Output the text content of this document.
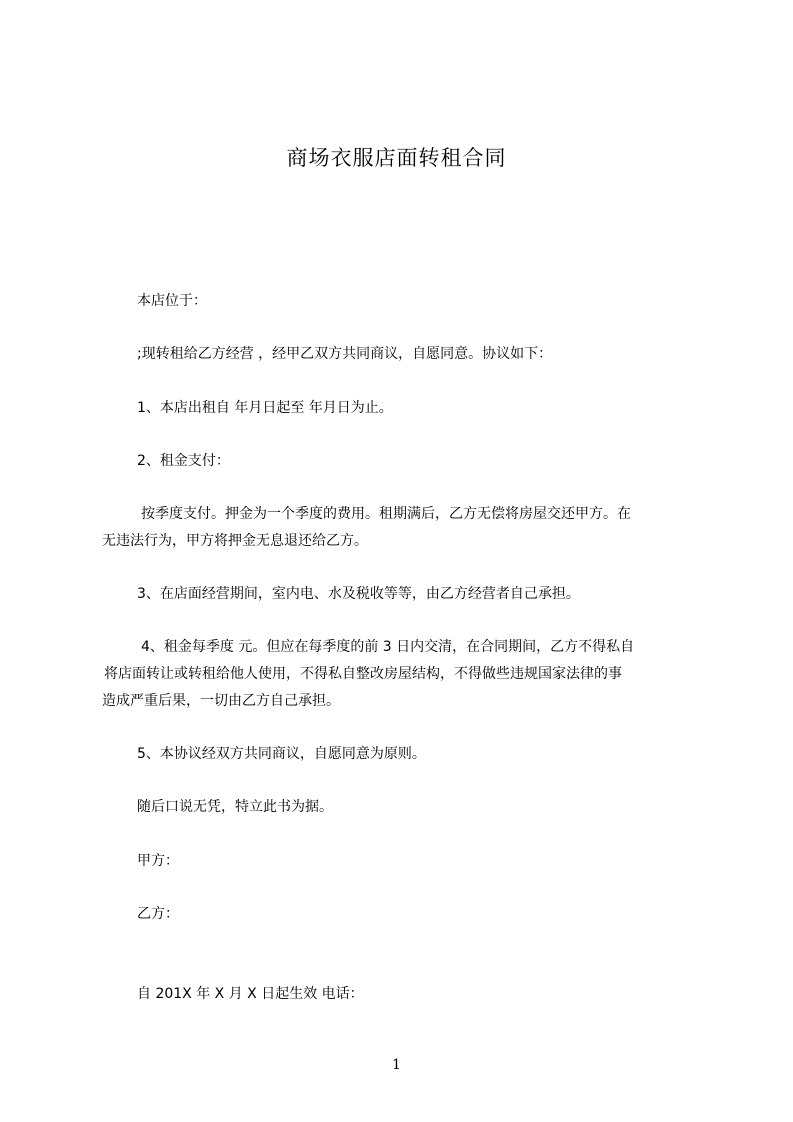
商场衣服店面转租合同
本店位于：
;现转租给乙方经营 ，经甲乙双方共同商议，自愿同意。协议如下：
1、本店出租自 年月日起至 年月日为止。
2、租金支付：
按季度支付。押金为一个季度的费用。租期满后，乙方无偿将房屋交还甲方。在
无违法行为，甲方将押金无息退还给乙方。
3、在店面经营期间，室内电、水及税收等等，由乙方经营者自己承担。
4、租金每季度 元。但应在每季度的前 3 日内交清，在合同期间，乙方不得私自
将店面转让或转租给他人使用，不得私自整改房屋结构，不得做些违规国家法律的事
造成严重后果，一切由乙方自己承担。
5、本协议经双方共同商议，自愿同意为原则。
随后口说无凭，特立此书为据。
甲方：
乙方：
自 201X 年 X 月 X 日起生效 电话：
1
